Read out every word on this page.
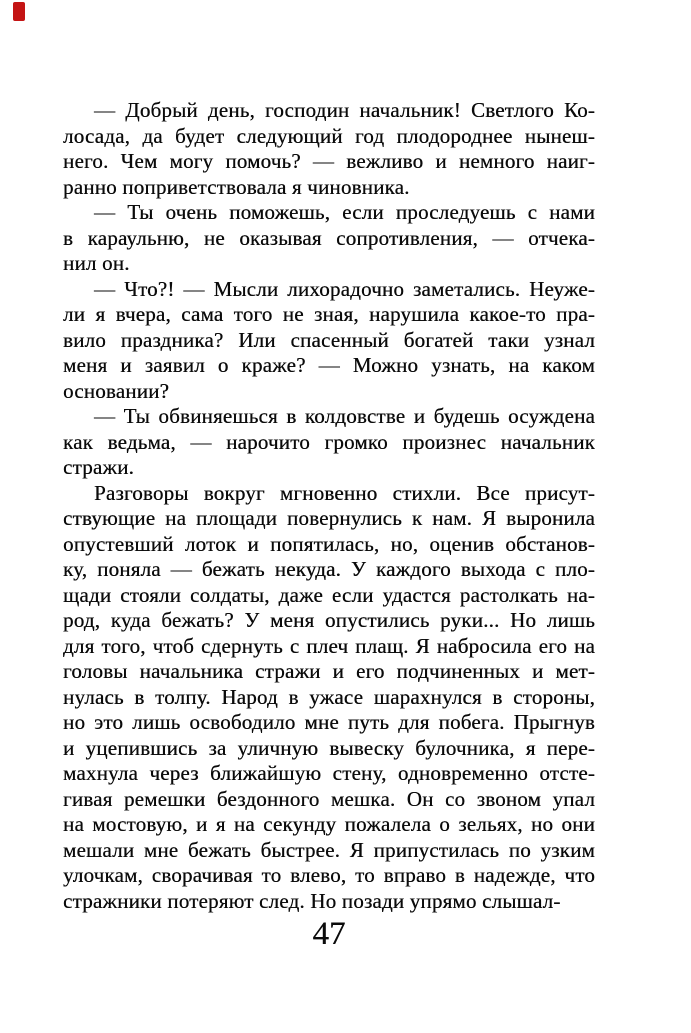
— Добрый день, господин начальник! Светлого Ко-
лосада, да будет следующий год плодороднее нынеш-
него. Чем могу помочь? — вежливо и немного наиг-
ранно поприветствовала я чиновника.
— Ты очень поможешь, если проследуешь с нами
в караульню, не оказывая сопротивления, — отчека-
нил он.
— Что?! — Мысли лихорадочно заметались. Неуже-
ли я вчера, сама того не зная, нарушила какое-то пра-
вило праздника? Или спасенный богатей таки узнал
меня и заявил о краже? — Можно узнать, на каком
основании?
— Ты обвиняешься в колдовстве и будешь осуждена
как ведьма, — нарочито громко произнес начальник
стражи.
Разговоры вокруг мгновенно стихли. Все присут-
ствующие на площади повернулись к нам. Я выронила
опустевший лоток и попятилась, но, оценив обстанов-
ку, поняла — бежать некуда. У каждого выхода с пло-
щади стояли солдаты, даже если удастся растолкать на-
род, куда бежать? У меня опустились руки... Но лишь
для того, чтоб сдернуть с плеч плащ. Я набросила его на
головы начальника стражи и его подчиненных и мет-
нулась в толпу. Народ в ужасе шарахнулся в стороны,
но это лишь освободило мне путь для побега. Прыгнув
и уцепившись за уличную вывеску булочника, я пере-
махнула через ближайшую стену, одновременно отсте-
гивая ремешки бездонного мешка. Он со звоном упал
на мостовую, и я на секунду пожалела о зельях, но они
мешали мне бежать быстрее. Я припустилась по узким
улочкам, сворачивая то влево, то вправо в надежде, что
стражники потеряют след. Но позади упрямо слышал-
47
